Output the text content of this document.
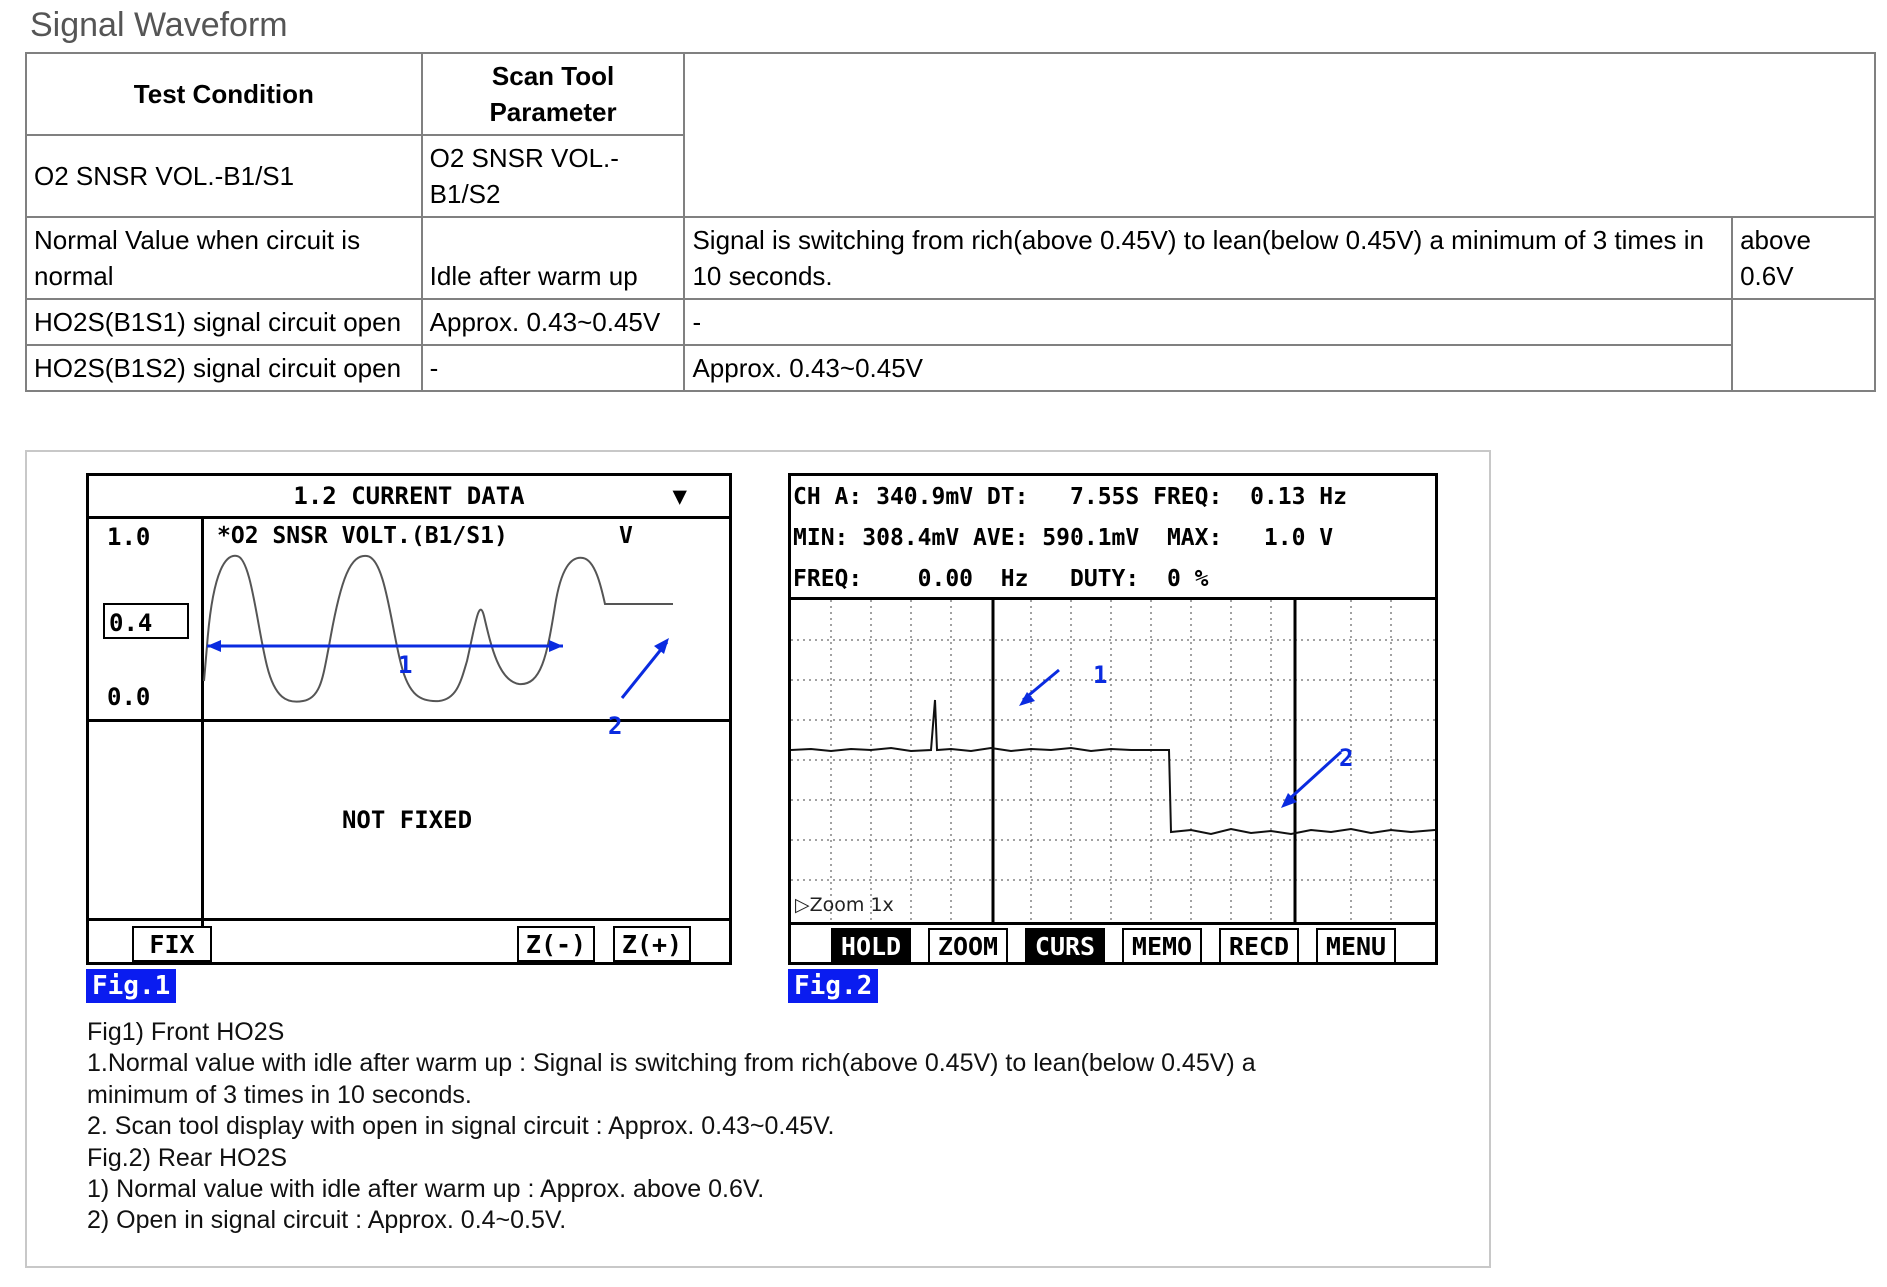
Signal Waveform
Test Condition	Scan Tool Parameter		
O2 SNSR VOL.-B1/S1	O2 SNSR VOL.-B1/S2		
Normal Value when circuit is normal	Idle after warm up	Signal is switching from rich(above 0.45V) to lean(below 0.45V) a minimum of 3 times in 10 seconds.	above 0.6V
HO2S(B1S1) signal circuit open	Approx. 0.43~0.45V	-	
HO2S(B1S2) signal circuit open	-	Approx. 0.43~0.45V	
1.2 CURRENT DATA	▼
1.0
0.4
0.0
*O2 SNSR VOLT.(B1/S1)	V
1
2
NOT FIXED
FIX	Z(-)	Z(+)
Fig.1
CH A: 340.9mV DT: 7.55S FREQ: 0.13 Hz
MIN: 308.4mV AVE: 590.1mV MAX: 1.0 V
FREQ: 0.00 Hz DUTY: 0 %
1
2
▷Zoom 1x
HOLD	ZOOM	CURS	MEMO	RECD	MENU
Fig.2
Fig1) Front HO2S
1.Normal value with idle after warm up : Signal is switching from rich(above 0.45V) to lean(below 0.45V) a
minimum of 3 times in 10 seconds.
2. Scan tool display with open in signal circuit : Approx. 0.43~0.45V.
Fig.2) Rear HO2S
1) Normal value with idle after warm up : Approx. above 0.6V.
2) Open in signal circuit : Approx. 0.4~0.5V.
